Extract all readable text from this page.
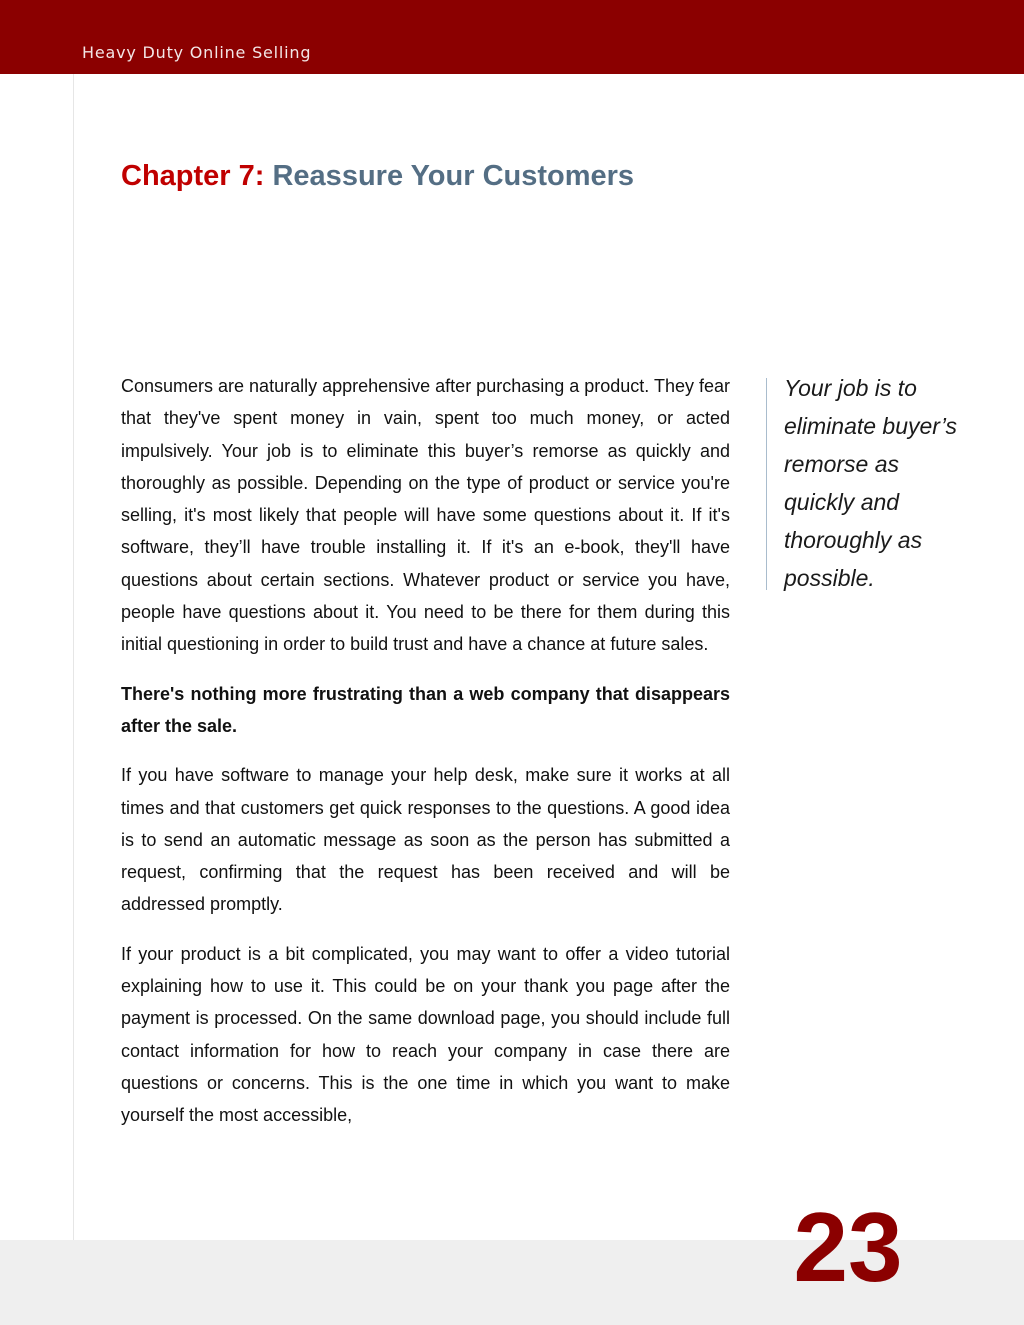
Heavy Duty Online Selling
Chapter 7: Reassure Your Customers

Consumers are naturally apprehensive after purchasing a product. They fear that they've spent money in vain, spent too much money, or acted impulsively. Your job is to eliminate this buyer’s remorse as quickly and thoroughly as possible. Depending on the type of product or service you're selling, it's most likely that people will have some questions about it. If it's software, they’ll have trouble installing it. If it's an e-book, they'll have questions about certain sections. Whatever product or service you have, people have questions about it. You need to be there for them during this initial questioning in order to build trust and have a chance at future sales.

There's nothing more frustrating than a web company that disappears after the sale.

If you have software to manage your help desk, make sure it works at all times and that customers get quick responses to the questions. A good idea is to send an automatic message as soon as the person has submitted a request, confirming that the request has been received and will be addressed promptly.

If your product is a bit complicated, you may want to offer a video tutorial explaining how to use it. This could be on your thank you page after the payment is processed. On the same download page, you should include full contact information for how to reach your company in case there are questions or concerns. This is the one time in which you want to make yourself the most accessible,

Your job is to eliminate buyer’s remorse as quickly and thoroughly as possible.
23
